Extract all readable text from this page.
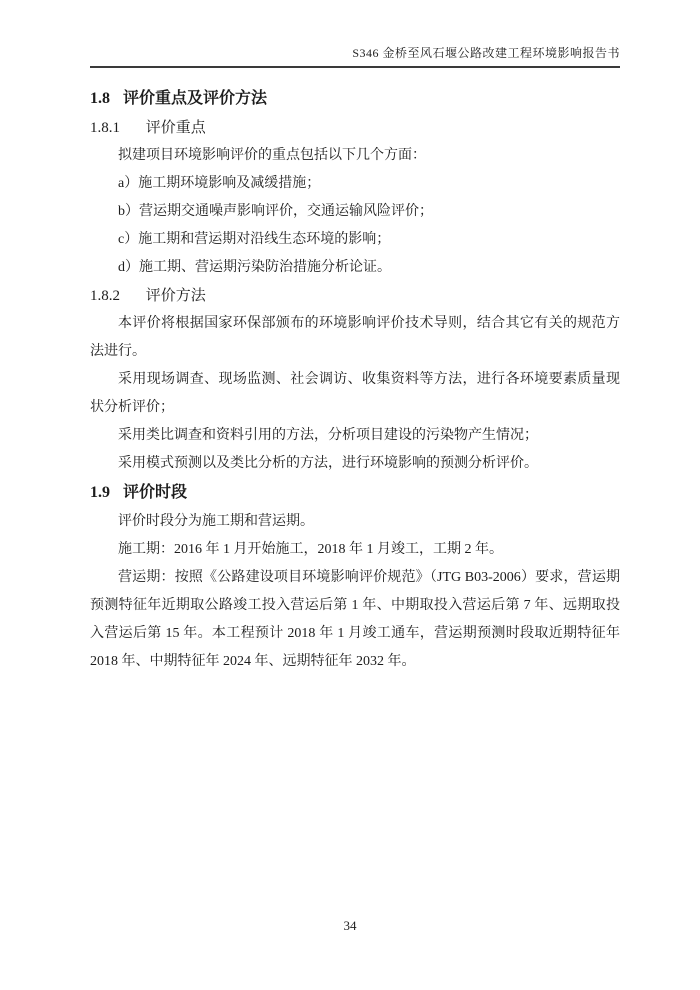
S346 金桥至风石堰公路改建工程环境影响报告书
1.8 评价重点及评价方法
1.8.1 评价重点

拟建项目环境影响评价的重点包括以下几个方面：

a）施工期环境影响及减缓措施；

b）营运期交通噪声影响评价，交通运输风险评价；

c）施工期和营运期对沿线生态环境的影响；

d）施工期、营运期污染防治措施分析论证。

1.8.2 评价方法

本评价将根据国家环保部颁布的环境影响评价技术导则，结合其它有关的规范方法进行。

采用现场调查、现场监测、社会调访、收集资料等方法，进行各环境要素质量现状分析评价；

采用类比调查和资料引用的方法，分析项目建设的污染物产生情况；

采用模式预测以及类比分析的方法，进行环境影响的预测分析评价。

1.9 评价时段

评价时段分为施工期和营运期。

施工期：2016 年 1 月开始施工，2018 年 1 月竣工，工期 2 年。

营运期：按照《公路建设项目环境影响评价规范》（JTG B03-2006）要求，营运期预测特征年近期取公路竣工投入营运后第 1 年、中期取投入营运后第 7 年、远期取投入营运后第 15 年。本工程预计 2018 年 1 月竣工通车，营运期预测时段取近期特征年 2018 年、中期特征年 2024 年、远期特征年 2032 年。

34
